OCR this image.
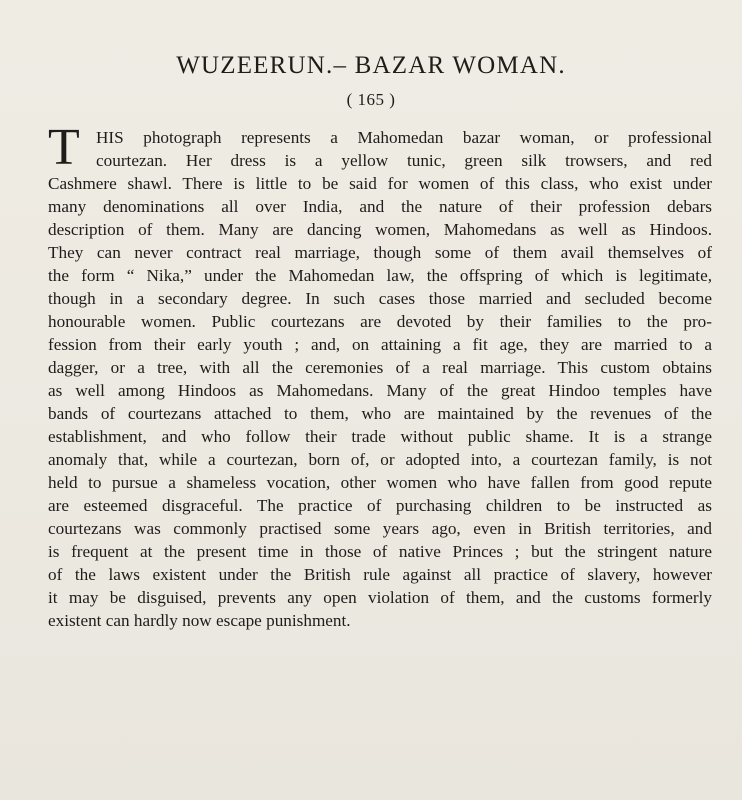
WUZEERUN.– BAZAR WOMAN.
( 165 )
T HIS photograph represents a Mahomedan bazar woman, or professional
courtezan. Her dress is a yellow tunic, green silk trowsers, and red
Cashmere shawl. There is little to be said for women of this class, who exist under
many denominations all over India, and the nature of their profession debars
description of them. Many are dancing women, Mahomedans as well as Hindoos.
They can never contract real marriage, though some of them avail themselves of
the form “ Nika,” under the Mahomedan law, the offspring of which is legitimate,
though in a secondary degree. In such cases those married and secluded become
honourable women. Public courtezans are devoted by their families to the pro-
fession from their early youth ; and, on attaining a fit age, they are married to a
dagger, or a tree, with all the ceremonies of a real marriage. This custom obtains
as well among Hindoos as Mahomedans. Many of the great Hindoo temples have
bands of courtezans attached to them, who are maintained by the revenues of the
establishment, and who follow their trade without public shame. It is a strange
anomaly that, while a courtezan, born of, or adopted into, a courtezan family, is not
held to pursue a shameless vocation, other women who have fallen from good repute
are esteemed disgraceful. The practice of purchasing children to be instructed as
courtezans was commonly practised some years ago, even in British territories, and
is frequent at the present time in those of native Princes ; but the stringent nature
of the laws existent under the British rule against all practice of slavery, however
it may be disguised, prevents any open violation of them, and the customs formerly
existent can hardly now escape punishment.
